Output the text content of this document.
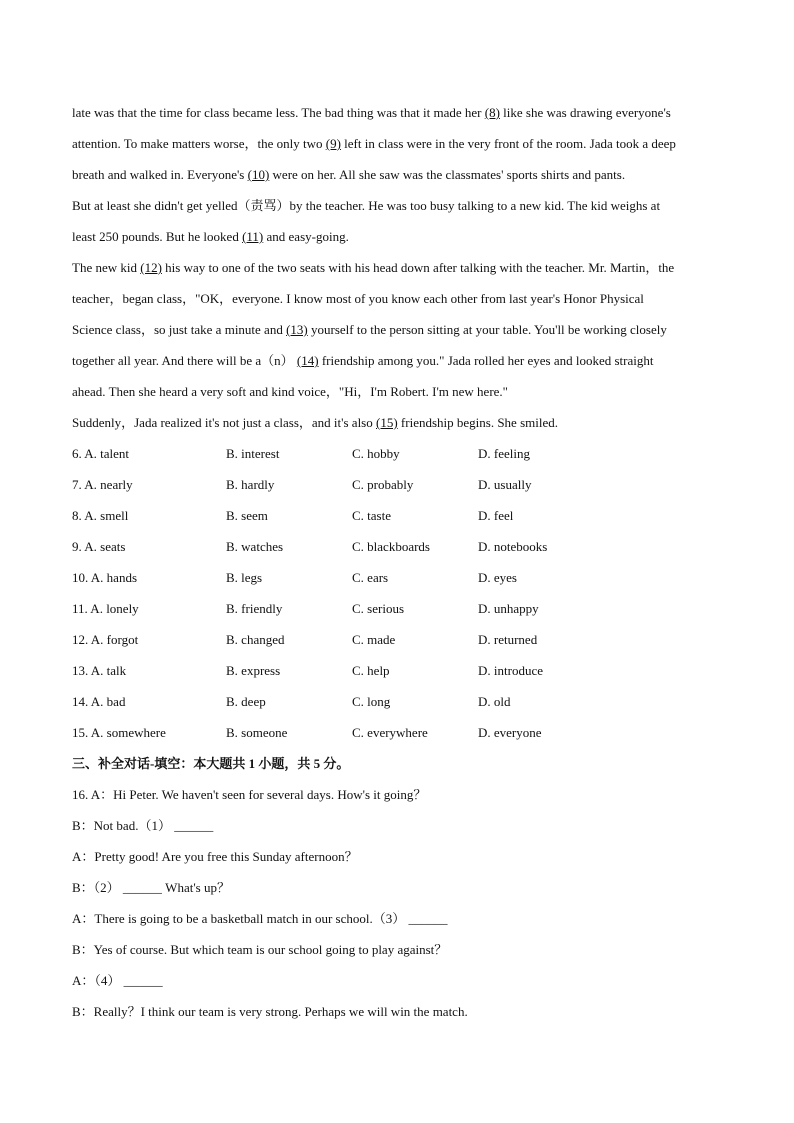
late was that the time for class became less. The bad thing was that it made her (8) like she was drawing everyone's
attention. To make matters worse，the only two (9) left in class were in the very front of the room. Jada took a deep
breath and walked in. Everyone's (10) were on her. All she saw was the classmates' sports shirts and pants.
But at least she didn't get yelled（责骂）by the teacher. He was too busy talking to a new kid. The kid weighs at
least 250 pounds. But he looked (11) and easy-going.
The new kid (12) his way to one of the two seats with his head down after talking with the teacher. Mr. Martin，the
teacher，began class，"OK，everyone. I know most of you know each other from last year's Honor Physical
Science class，so just take a minute and (13) yourself to the person sitting at your table. You'll be working closely
together all year. And there will be a（n） (14) friendship among you." Jada rolled her eyes and looked straight
ahead. Then she heard a very soft and kind voice，"Hi，I'm Robert. I'm new here."
Suddenly，Jada realized it's not just a class，and it's also (15) friendship begins. She smiled.
6. A. talent	B. interest	C. hobby	D. feeling
7. A. nearly	B. hardly	C. probably	D. usually
8. A. smell	B. seem	C. taste	D. feel
9. A. seats	B. watches	C. blackboards	D. notebooks
10. A. hands	B. legs	C. ears	D. eyes
11. A. lonely	B. friendly	C. serious	D. unhappy
12. A. forgot	B. changed	C. made	D. returned
13. A. talk	B. express	C. help	D. introduce
14. A. bad	B. deep	C. long	D. old
15. A. somewhere	B. someone	C. everywhere	D. everyone
三、补全对话-填空：本大题共 1 小题，共 5 分。
16. A：Hi Peter. We haven't seen for several days. How's it going？
B：Not bad.（1） ______
A：Pretty good! Are you free this Sunday afternoon？
B：（2） ______ What's up？
A：There is going to be a basketball match in our school.（3） ______
B：Yes of course. But which team is our school going to play against？
A：（4） ______
B：Really？I think our team is very strong. Perhaps we will win the match.
